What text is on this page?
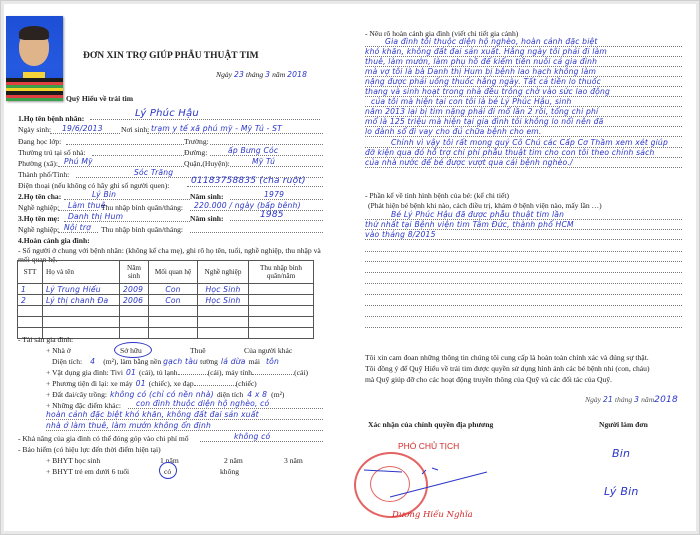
ĐƠN XIN TRỢ GIÚP PHẪU THUẬT TIM
Ngày 23 tháng 3 năm 2018
Quỹ Hiểu về trái tim
1.Họ tên bệnh nhân:	Lý Phúc Hậu
Ngày sinh:	19/6/2013	Nơi sinh: trạm y tế xã phú mỹ - Mỹ Tú - ST
Đang học lớp:	Trường:
Thường trú tại số nhà:	Đường:	ấp Bưng Cóc
Phường (xã): Phú Mỹ	Quận,(Huyện):	Mỹ Tú
Thành phố/Tỉnh:	Sóc Trăng
Điện thoại (nếu không có hãy ghi số người quen):	01183758835 (cha ruột)
2.Họ tên cha:	Lý Bin	Năm sinh:	1979
Nghề nghiệp:	Làm thuê
Thu nhập bình quân/tháng:	220.000 / ngày (bấp bênh)
3.Họ tên mẹ:	Danh thị Hum	Năm sinh:	1985
Nghề nghiệp: Nội trợ	Thu nhập bình quân/tháng:
4.Hoàn cảnh gia đình:
- Số người ở chung với bệnh nhân: (không kể cha mẹ), ghi rõ họ tên, tuổi, nghề nghiệp, thu nhập và mối quan hệ.
STT	Họ và tên	Năm sinh	Mối quan hệ	Nghề nghiệp	Thu nhập bình quân/năm
1	Lý Trung Hiếu	2009	Con	Học Sinh	
2	Lý thị chanh Đa	2006	Con	Học Sinh	

- Tài sản gia đình:
+ Nhà ở	Sở hữu	Thuê	Của người khác
Diện tích: 4 (m²), làm bằng nền gạch tàu tường lá dừa mái tôn
+ Vật dụng gia đình: Tivi 01 (cái), tủ lạnh	(cái), máy tính	(cái)
+ Phương tiện đi lại: xe máy 01 (chiếc), xe đạp	(chiếc)
+ Đất đai/cây trồng: không có (chỉ có nền nhà) diện tích 4 x 8 (m²)
+ Những đặc điểm khác:	con đình thuộc diện hộ nghèo, có
hoàn cảnh đặc biệt khó khăn, không đất đai sản xuất
nhà ở làm thuê, làm mướn không ổn định
- Khả năng của gia đình có thể đóng góp vào chi phí mổ	không có
- Bảo hiểm (có hiệu lực đến thời điểm hiện tại)
+ BHYT học sinh	1 năm	2 năm	3 năm
+ BHYT trẻ em dưới 6 tuổi	có	không
- Nêu rõ hoàn cảnh gia đình (viết chi tiết gia cảnh)
Gia đình tôi thuộc diện hộ nghèo, hoàn cảnh đặc biệt
khó khăn, không đất đai sản xuất. Hằng ngày tôi phải đi làm
thuê, làm mướn, làm phụ hồ để kiếm tiền nuôi cả gia đình
mà vợ tôi là bà Danh thị Hum bị bệnh lao hạch không làm
nặng được phải uống thuốc hằng ngày. Tất cả tiền lo thuốc
thang và sinh hoạt trong nhà đều trông chờ vào sức lao động
của tôi mà hiện tại con tôi là bé Lý Phúc Hậu, sinh
năm 2013 lại bị tim nặng phải đi mổ lần 2 rồi, tổng chi phí
mổ là 125 triệu mà hiện tại gia đình tôi không lo nổi nên đã
lo đành sổ đi vay cho đủ chữa bệnh cho em.
Chính vì vậy tôi rất mong quý Cô Chú các Cấp Cơ Thầm xem xét giúp
đỡ kiện qua đó hỗ trợ chi phí phẫu thuật tim cho con tôi theo chính sách
của nhà nước để bé được vượt qua cái bệnh nghèo./
- Phần kể về tình hình bệnh của bé: (kể chi tiết)
(Phát hiện bé bệnh khi nào, cách điều trị, khám ở bệnh viện nào, mấy lần …)
Bé Lý Phúc Hậu đã được phẫu thuật tim lần
thứ nhất tại Bệnh viện tim Tâm Đức, thành phố HCM
vào tháng 8/2015
Tôi xin cam đoan những thông tin chúng tôi cung cấp là hoàn toàn chính xác và đúng sự thật.
Tôi đồng ý để Quỹ Hiểu về trái tim được quyền sử dụng hình ảnh các bé bệnh nhi (con, cháu)
mà Quỹ giúp đỡ cho các hoạt động truyền thông của Quỹ và các đối tác của Quỹ.
Ngày 21 tháng 3 năm2018
Xác nhận của chính quyền địa phương	Người làm đơn
PHÓ CHỦ TỊCH
Dương Hiếu Nghĩa
Bin
Lý Bin
